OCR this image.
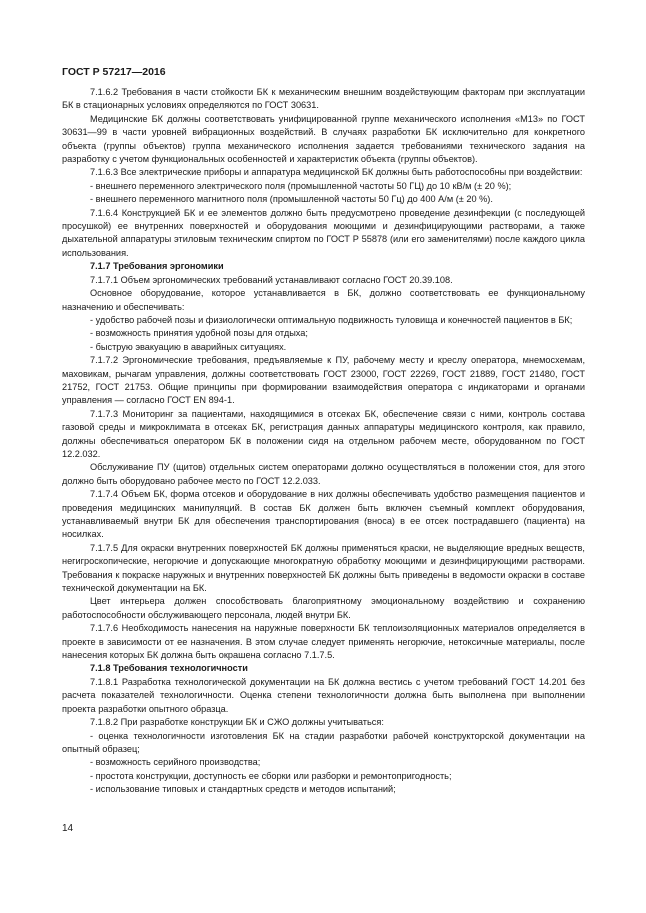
ГОСТ Р 57217—2016

7.1.6.2 Требования в части стойкости БК к механическим внешним воздействующим факторам при эксплуатации БК в стационарных условиях определяются по ГОСТ 30631.

Медицинские БК должны соответствовать унифицированной группе механического исполнения «М13» по ГОСТ 30631—99 в части уровней вибрационных воздействий. В случаях разработки БК исключительно для конкретного объекта (группы объектов) группа механического исполнения задается требованиями технического задания на разработку с учетом функциональных особенностей и характеристик объекта (группы объектов).

7.1.6.3 Все электрические приборы и аппаратура медицинской БК должны быть работоспособны при воздействии:

- внешнего переменного электрического поля (промышленной частоты 50 ГЦ) до 10 кВ/м (± 20 %);

- внешнего переменного магнитного поля (промышленной частоты 50 Гц) до 400 А/м (± 20 %).

7.1.6.4 Конструкцией БК и ее элементов должно быть предусмотрено проведение дезинфекции (с последующей просушкой) ее внутренних поверхностей и оборудования моющими и дезинфицирующими растворами, а также дыхательной аппаратуры этиловым техническим спиртом по ГОСТ Р 55878 (или его заменителями) после каждого цикла использования.

7.1.7 Требования эргономики

7.1.7.1 Объем эргономических требований устанавливают согласно ГОСТ 20.39.108.

Основное оборудование, которое устанавливается в БК, должно соответствовать ее функциональному назначению и обеспечивать:

- удобство рабочей позы и физиологически оптимальную подвижность туловища и конечностей пациентов в БК;

- возможность принятия удобной позы для отдыха;

- быструю эвакуацию в аварийных ситуациях.

7.1.7.2 Эргономические требования, предъявляемые к ПУ, рабочему месту и креслу оператора, мнемосхемам, маховикам, рычагам управления, должны соответствовать ГОСТ 23000, ГОСТ 22269, ГОСТ 21889, ГОСТ 21480, ГОСТ 21752, ГОСТ 21753. Общие принципы при формировании взаимодействия оператора с индикаторами и органами управления — согласно ГОСТ EN 894-1.

7.1.7.3 Мониторинг за пациентами, находящимися в отсеках БК, обеспечение связи с ними, контроль состава газовой среды и микроклимата в отсеках БК, регистрация данных аппаратуры медицинского контроля, как правило, должны обеспечиваться оператором БК в положении сидя на отдельном рабочем месте, оборудованном по ГОСТ 12.2.032.

Обслуживание ПУ (щитов) отдельных систем операторами должно осуществляться в положении стоя, для этого должно быть оборудовано рабочее место по ГОСТ 12.2.033.

7.1.7.4 Объем БК, форма отсеков и оборудование в них должны обеспечивать удобство размещения пациентов и проведения медицинских манипуляций. В состав БК должен быть включен съемный комплект оборудования, устанавливаемый внутри БК для обеспечения транспортирования (вноса) в ее отсек пострадавшего (пациента) на носилках.

7.1.7.5 Для окраски внутренних поверхностей БК должны применяться краски, не выделяющие вредных веществ, негигроскопические, негорючие и допускающие многократную обработку моющими и дезинфицирующими растворами. Требования к покраске наружных и внутренних поверхностей БК должны быть приведены в ведомости окраски в составе технической документации на БК.

Цвет интерьера должен способствовать благоприятному эмоциональному воздействию и сохранению работоспособности обслуживающего персонала, людей внутри БК.

7.1.7.6 Необходимость нанесения на наружные поверхности БК теплоизоляционных материалов определяется в проекте в зависимости от ее назначения. В этом случае следует применять негорючие, нетоксичные материалы, после нанесения которых БК должна быть окрашена согласно 7.1.7.5.

7.1.8 Требования технологичности

7.1.8.1 Разработка технологической документации на БК должна вестись с учетом требований ГОСТ 14.201 без расчета показателей технологичности. Оценка степени технологичности должна быть выполнена при выполнении проекта разработки опытного образца.

7.1.8.2 При разработке конструкции БК и СЖО должны учитываться:

- оценка технологичности изготовления БК на стадии разработки рабочей конструкторской документации на опытный образец;

- возможность серийного производства;

- простота конструкции, доступность ее сборки или разборки и ремонтопригодность;

- использование типовых и стандартных средств и методов испытаний;

14
